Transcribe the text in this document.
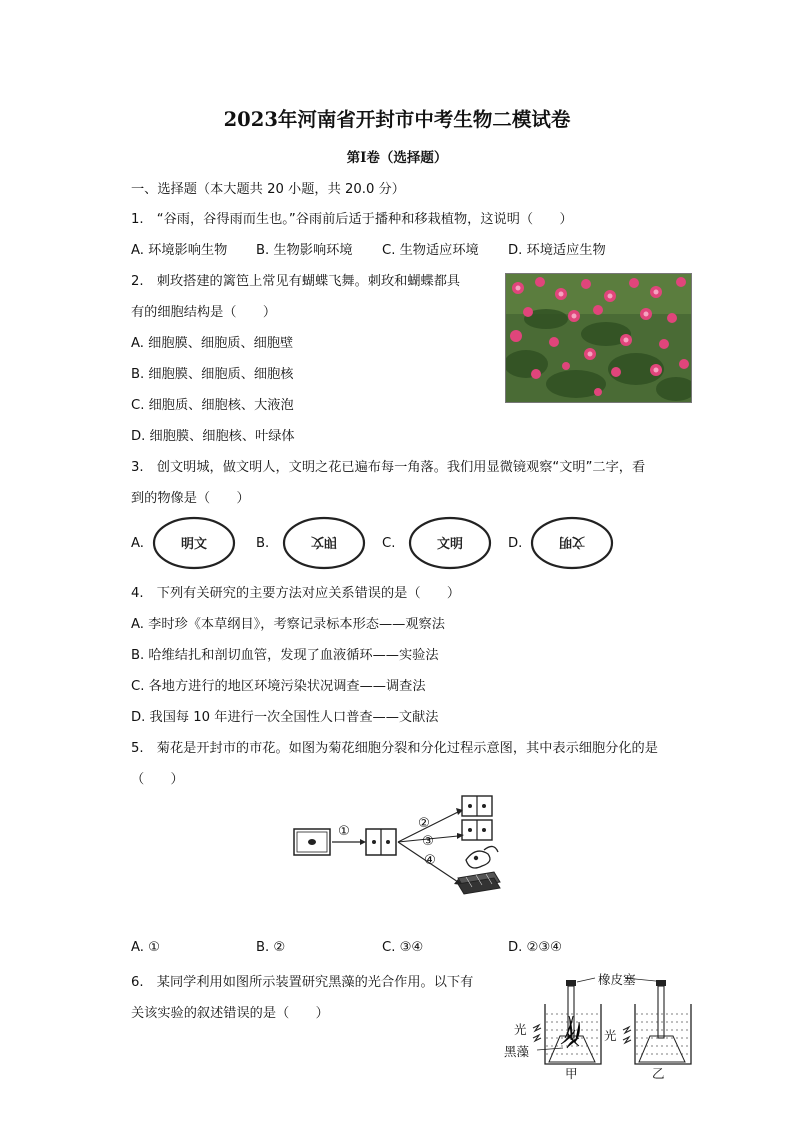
2023年河南省开封市中考生物二模试卷
第I卷（选择题）
一、选择题（本大题共 20 小题，共 20.0 分）
1.　“谷雨，谷得雨而生也。”谷雨前后适于播种和移栽植物，这说明（　　）
A. 环境影响生物 B. 生物影响环境 C. 生物适应环境 D. 环境适应生物
2.　刺玫搭建的篱笆上常见有蝴蝶飞舞。刺玫和蝴蝶都具
有的细胞结构是（　　）
A. 细胞膜、细胞质、细胞壁
B. 细胞膜、细胞质、细胞核
C. 细胞质、细胞核、大液泡
D. 细胞膜、细胞核、叶绿体
3.　创文明城，做文明人，文明之花已遍布每一角落。我们用显微镜观察“文明”二字，看
到的物像是（　　）
A.	明文	B.	文明	C.	文明	D.	文明
4.　下列有关研究的主要方法对应关系错误的是（　　）
A. 李时珍《本草纲目》，考察记录标本形态——观察法
B. 哈维结扎和剖切血管，发现了血液循环——实验法
C. 各地方进行的地区环境污染状况调查——调查法
D. 我国每 10 年进行一次全国性人口普查——文献法
5.　菊花是开封市的市花。如图为菊花细胞分裂和分化过程示意图，其中表示细胞分化的是
（　　）
①
②
③
④
A. ①	B. ②	C. ③④	D. ②③④
6.　某同学利用如图所示装置研究黑藻的光合作用。以下有
关该实验的叙述错误的是（　　）
橡皮塞
光
黑藻
光
甲	乙
